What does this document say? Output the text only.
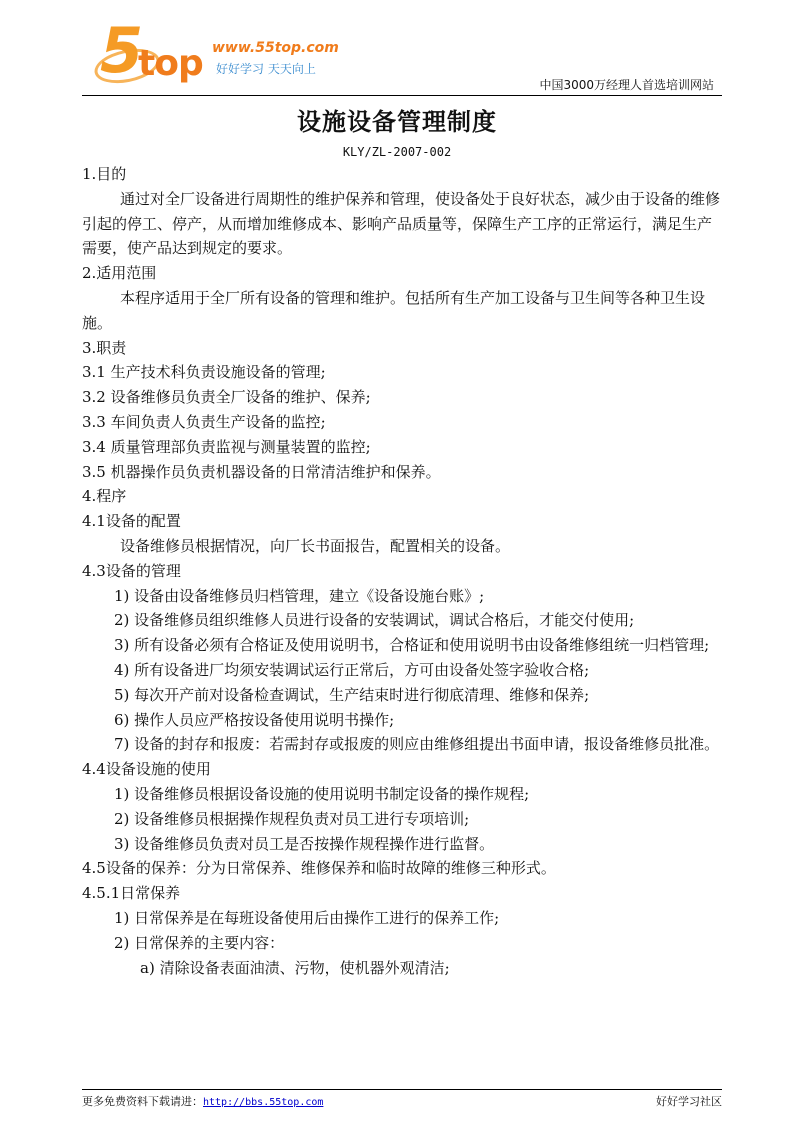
5
top www.55top.com
好好学习 天天向上
中国3000万经理人首选培训网站
设施设备管理制度
KLY/ZL-2007-002

1.目的

通过对全厂设备进行周期性的维护保养和管理，使设备处于良好状态，减少由于设备的维修引起的停工、停产，从而增加维修成本、影响产品质量等，保障生产工序的正常运行，满足生产需要，使产品达到规定的要求。

2.适用范围

本程序适用于全厂所有设备的管理和维护。包括所有生产加工设备与卫生间等各种卫生设施。

3.职责

3.1 生产技术科负责设施设备的管理;

3.2 设备维修员负责全厂设备的维护、保养;

3.3 车间负责人负责生产设备的监控;

3.4 质量管理部负责监视与测量装置的监控;

3.5 机器操作员负责机器设备的日常清洁维护和保养。

4.程序

4.1设备的配置

设备维修员根据情况，向厂长书面报告，配置相关的设备。

4.3设备的管理

1) 设备由设备维修员归档管理，建立《设备设施台账》;

2) 设备维修员组织维修人员进行设备的安装调试，调试合格后，才能交付使用;

3) 所有设备必须有合格证及使用说明书，合格证和使用说明书由设备维修组统一归档管理;

4) 所有设备进厂均须安装调试运行正常后，方可由设备处签字验收合格;

5) 每次开产前对设备检查调试，生产结束时进行彻底清理、维修和保养;

6) 操作人员应严格按设备使用说明书操作;

7) 设备的封存和报废：若需封存或报废的则应由维修组提出书面申请，报设备维修员批准。

4.4设备设施的使用

1) 设备维修员根据设备设施的使用说明书制定设备的操作规程;

2) 设备维修员根据操作规程负责对员工进行专项培训;

3) 设备维修员负责对员工是否按操作规程操作进行监督。

4.5设备的保养：分为日常保养、维修保养和临时故障的维修三种形式。

4.5.1日常保养

1) 日常保养是在每班设备使用后由操作工进行的保养工作;

2) 日常保养的主要内容：

a) 清除设备表面油渍、污物，使机器外观清洁;

更多免费资料下载请进：http://bbs.55top.com	好好学习社区
